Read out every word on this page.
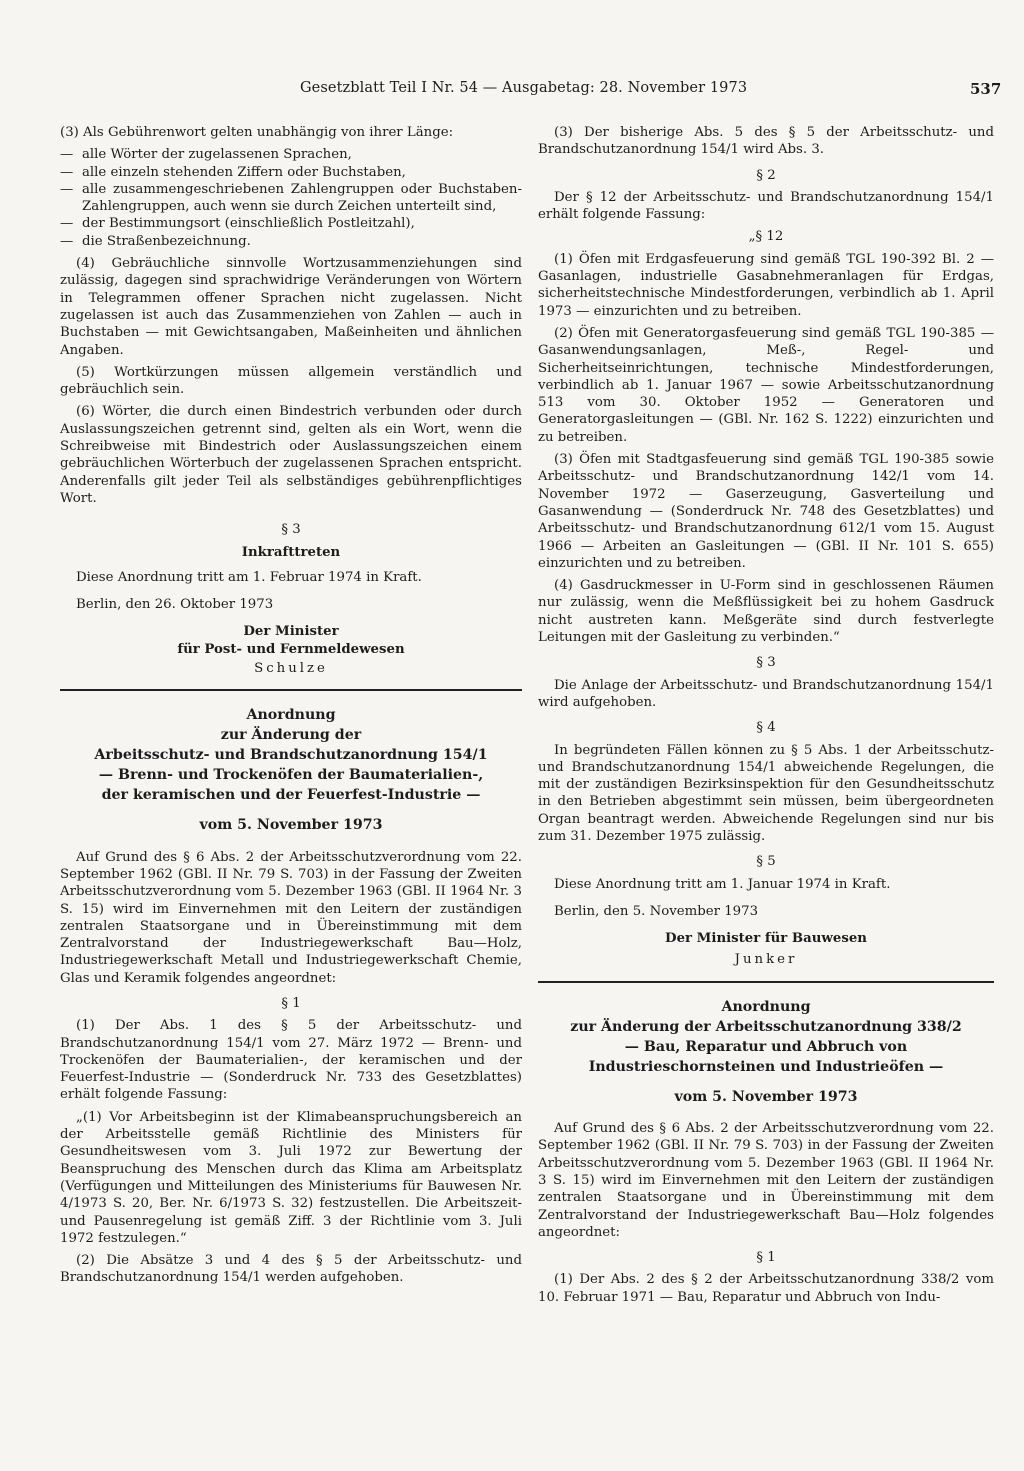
Gesetzblatt Teil I Nr. 54 — Ausgabetag: 28. November 1973	537

(3) Als Gebührenwort gelten unabhängig von ihrer Länge:

— alle Wörter der zugelassenen Sprachen,
— alle einzeln stehenden Ziffern oder Buchstaben,
— alle zusammengeschriebenen Zahlengruppen oder Buchstaben-Zahlengruppen, auch wenn sie durch Zeichen unterteilt sind,
— der Bestimmungsort (einschließlich Postleitzahl),
— die Straßenbezeichnung.

(4) Gebräuchliche sinnvolle Wortzusammenziehungen sind zulässig, dagegen sind sprachwidrige Veränderungen von Wörtern in Telegrammen offener Sprachen nicht zugelassen. Nicht zugelassen ist auch das Zusammenziehen von Zahlen — auch in Buchstaben — mit Gewichtsangaben, Maßeinheiten und ähnlichen Angaben.

(5) Wortkürzungen müssen allgemein verständlich und gebräuchlich sein.

(6) Wörter, die durch einen Bindestrich verbunden oder durch Auslassungszeichen getrennt sind, gelten als ein Wort, wenn die Schreibweise mit Bindestrich oder Auslassungszeichen einem gebräuchlichen Wörterbuch der zugelassenen Sprachen entspricht. Anderenfalls gilt jeder Teil als selbständiges gebührenpflichtiges Wort.

§ 3
Inkrafttreten

Diese Anordnung tritt am 1. Februar 1974 in Kraft.

Berlin, den 26. Oktober 1973

Der Minister

für Post- und Fernmeldewesen

Schulze

Anordnung

zur Änderung der

Arbeitsschutz- und Brandschutzanordnung 154/1

— Brenn- und Trockenöfen der Baumaterialien-,

der keramischen und der Feuerfest-Industrie —

vom 5. November 1973

Auf Grund des § 6 Abs. 2 der Arbeitsschutzverordnung vom 22. September 1962 (GBl. II Nr. 79 S. 703) in der Fassung der Zweiten Arbeitsschutzverordnung vom 5. Dezember 1963 (GBl. II 1964 Nr. 3 S. 15) wird im Einvernehmen mit den Leitern der zuständigen zentralen Staatsorgane und in Übereinstimmung mit dem Zentralvorstand der Industriegewerkschaft Bau—Holz, Industriegewerkschaft Metall und Industriegewerkschaft Chemie, Glas und Keramik folgendes angeordnet:

§ 1

(1) Der Abs. 1 des § 5 der Arbeitsschutz- und Brandschutzanordnung 154/1 vom 27. März 1972 — Brenn- und Trockenöfen der Baumaterialien-, der keramischen und der Feuerfest-Industrie — (Sonderdruck Nr. 733 des Gesetzblattes) erhält folgende Fassung:

„(1) Vor Arbeitsbeginn ist der Klimabeanspruchungsbereich an der Arbeitsstelle gemäß Richtlinie des Ministers für Gesundheitswesen vom 3. Juli 1972 zur Bewertung der Beanspruchung des Menschen durch das Klima am Arbeitsplatz (Verfügungen und Mitteilungen des Ministeriums für Bauwesen Nr. 4/1973 S. 20, Ber. Nr. 6/1973 S. 32) festzustellen. Die Arbeitszeit- und Pausenregelung ist gemäß Ziff. 3 der Richtlinie vom 3. Juli 1972 festzulegen.“

(2) Die Absätze 3 und 4 des § 5 der Arbeitsschutz- und Brandschutzanordnung 154/1 werden aufgehoben.

(3) Der bisherige Abs. 5 des § 5 der Arbeitsschutz- und Brandschutzanordnung 154/1 wird Abs. 3.

§ 2

Der § 12 der Arbeitsschutz- und Brandschutzanordnung 154/1 erhält folgende Fassung:

„§ 12

(1) Öfen mit Erdgasfeuerung sind gemäß TGL 190-392 Bl. 2 — Gasanlagen, industrielle Gasabnehmeranlagen für Erdgas, sicherheitstechnische Mindestforderungen, verbindlich ab 1. April 1973 — einzurichten und zu betreiben.

(2) Öfen mit Generatorgasfeuerung sind gemäß TGL 190-385 — Gasanwendungsanlagen, Meß-, Regel- und Sicherheitseinrichtungen, technische Mindestforderungen, verbindlich ab 1. Januar 1967 — sowie Arbeitsschutzanordnung 513 vom 30. Oktober 1952 — Generatoren und Generatorgasleitungen — (GBl. Nr. 162 S. 1222) einzurichten und zu betreiben.

(3) Öfen mit Stadtgasfeuerung sind gemäß TGL 190-385 sowie Arbeitsschutz- und Brandschutzanordnung 142/1 vom 14. November 1972 — Gaserzeugung, Gasverteilung und Gasanwendung — (Sonderdruck Nr. 748 des Gesetzblattes) und Arbeitsschutz- und Brandschutzanordnung 612/1 vom 15. August 1966 — Arbeiten an Gasleitungen — (GBl. II Nr. 101 S. 655) einzurichten und zu betreiben.

(4) Gasdruckmesser in U-Form sind in geschlossenen Räumen nur zulässig, wenn die Meßflüssigkeit bei zu hohem Gasdruck nicht austreten kann. Meßgeräte sind durch festverlegte Leitungen mit der Gasleitung zu verbinden.“

§ 3

Die Anlage der Arbeitsschutz- und Brandschutzanordnung 154/1 wird aufgehoben.

§ 4

In begründeten Fällen können zu § 5 Abs. 1 der Arbeitsschutz- und Brandschutzanordnung 154/1 abweichende Regelungen, die mit der zuständigen Bezirksinspektion für den Gesundheitsschutz in den Betrieben abgestimmt sein müssen, beim übergeordneten Organ beantragt werden. Abweichende Regelungen sind nur bis zum 31. Dezember 1975 zulässig.

§ 5

Diese Anordnung tritt am 1. Januar 1974 in Kraft.

Berlin, den 5. November 1973

Der Minister für Bauwesen

Junker

Anordnung

zur Änderung der Arbeitsschutzanordnung 338/2

— Bau, Reparatur und Abbruch von

Industrieschornsteinen und Industrieöfen —

vom 5. November 1973

Auf Grund des § 6 Abs. 2 der Arbeitsschutzverordnung vom 22. September 1962 (GBl. II Nr. 79 S. 703) in der Fassung der Zweiten Arbeitsschutzverordnung vom 5. Dezember 1963 (GBl. II 1964 Nr. 3 S. 15) wird im Einvernehmen mit den Leitern der zuständigen zentralen Staatsorgane und in Übereinstimmung mit dem Zentralvorstand der Industriegewerkschaft Bau—Holz folgendes angeordnet:

§ 1

(1) Der Abs. 2 des § 2 der Arbeitsschutzanordnung 338/2 vom 10. Februar 1971 — Bau, Reparatur und Abbruch von Indu-
